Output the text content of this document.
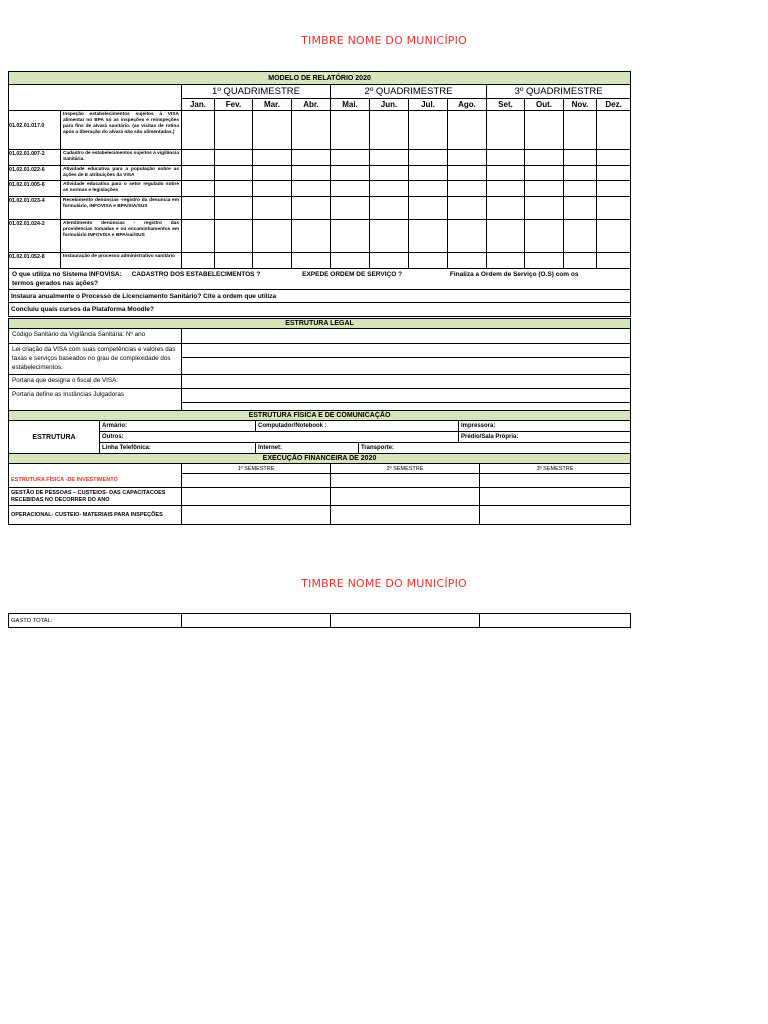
TIMBRE NOME DO MUNICÍPIO
MODELO DE RELATÓRIO 2020													
		1º QUADRIMESTRE				2º QUADRIMESTRE				3º QUADRIMESTRE			
		Jan.	Fev.	Mar.	Abr.	Mai.	Jun.	Jul.	Ago.	Set.	Out.	Nov.	Dez.
01.02.01.017.0	Inspeção estabelecimentos sujeitos à VISA alimentar no BPA só as inspeções e reinspeções para fins de alvará sanitário. (as visitas de rotina após a liberação do alvará não são alimentadas.)												
01.02.01.007-2	Cadastro de estabelecimentos sujeitos à vigilância Sanitária.												
01.02.01.022-6	Atividade educativa para a população sobre as ações de E atribuições da VISA												
01.02.01.005-6	Atividade educativa para o setor regulado sobre as normas e legislações												
01.02.01.023-4	Recebimento denúncias -registro da denuncia em formulário, INFOVISA e BPA/SIA/SUS												
01.02.01.024-2	Atendimento denúncias - registro das providencias tomadas e ou encaminhamentos em formulário INFOVISA e BPA/sai/SUS												
01.02.01.052-8	Instauração de processo administrativo sanitário												
O que utiliza no Sistema INFOVISA: CADASTRO DOS ESTABELECIMENTOS ? EXPEDE ORDEM DE SERVIÇO ? Finaliza a Ordem de Serviço (O.S) com os
termos gerados nas ações?													
Instaura anualmente o Processo de Licenciamento Sanitário? Cite a ordem que utiliza													
Concluiu quais cursos da Plataforma Moodle?													
ESTRUTURA LEGAL	
Código Sanitário da Vigilância Sanitária: Nº ano	
Lei criação da VISA com suas competências e valores das taxas e serviços baseados no grau de complexidade dos estabelecimentos.	

Portaria que designa o fiscal de VISA:	
Portaria define as Instâncias Julgadoras	
ESTRUTURA FÍSICA E DE COMUNICAÇÃO				
ESTRUTURA	Armário:	Computador/Notebook :		Impressora:
	Outros:			Prédio/Sala Própria:
	Linha Telefônica:	Internet:	Transporte:	
EXECUÇÃO FINANCEIRA DE 2020			
	1º SEMESTRE	2º SEMESTRE	3º SEMESTRE
ESTRUTURA FÍSICA -DE INVESTIMENTO			
GESTÃO DE PESSOAS – CUSTEIOS- DAS CAPACITACOES RECEBIDAS NO DECORRER DO ANO			
OPERACIONAL- CUSTEIO- MATERIAIS PARA INSPEÇÕES			
TIMBRE NOME DO MUNICÍPIO
GASTO TOTAL:			
